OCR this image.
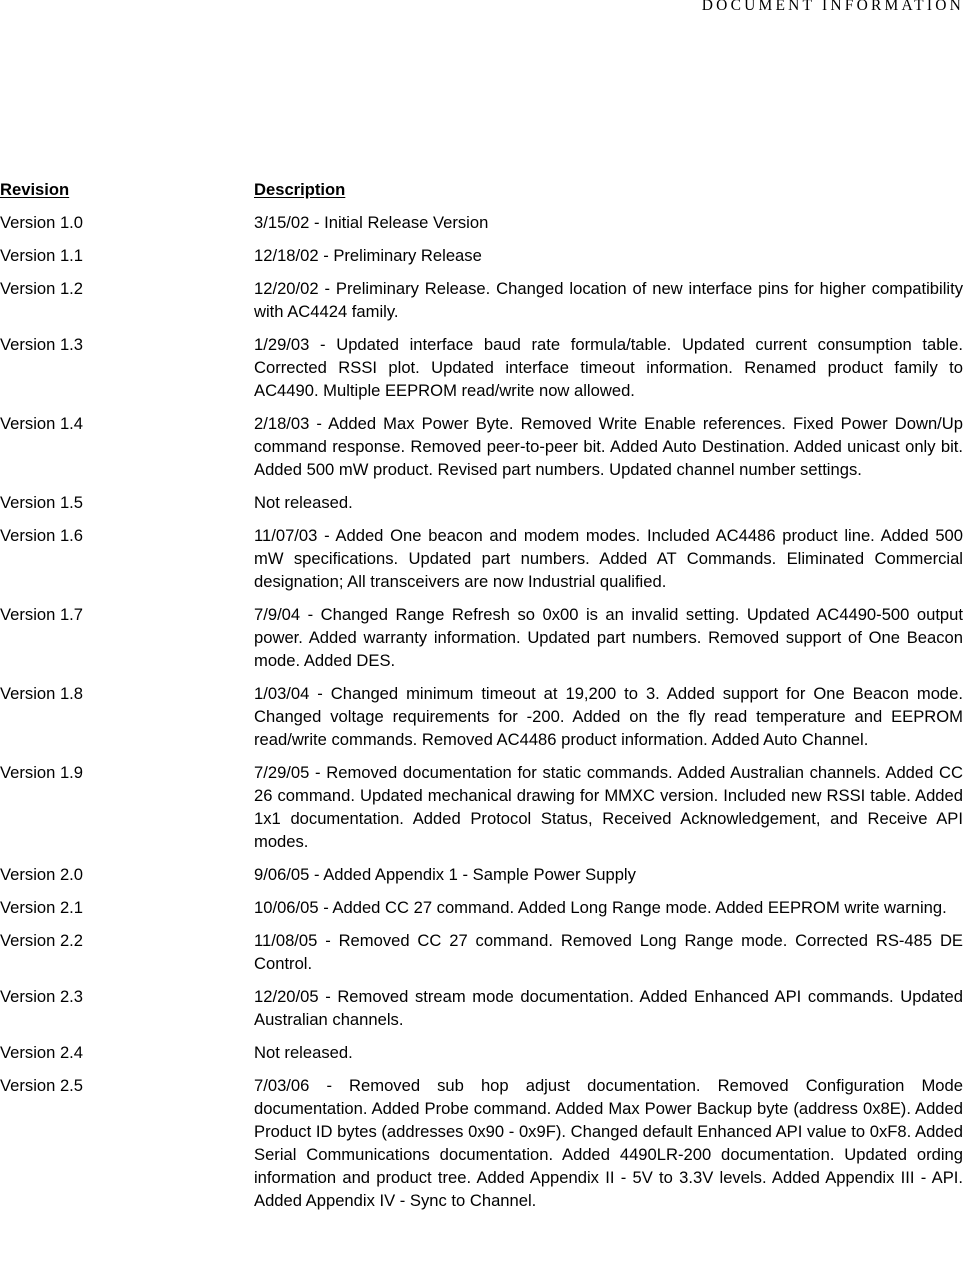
DOCUMENT INFORMATION
Revision	Description
Version 1.0	3/15/02 - Initial Release Version
Version 1.1	12/18/02 - Preliminary Release
Version 1.2	12/20/02 - Preliminary Release. Changed location of new interface pins for higher compatibility with AC4424 family.
Version 1.3	1/29/03 - Updated interface baud rate formula/table. Updated current consumption table. Corrected RSSI plot. Updated interface timeout information. Renamed product family to AC4490. Multiple EEPROM read/write now allowed.
Version 1.4	2/18/03 - Added Max Power Byte. Removed Write Enable references. Fixed Power Down/Up command response. Removed peer-to-peer bit. Added Auto Destination. Added unicast only bit. Added 500 mW product. Revised part numbers. Updated channel number settings.
Version 1.5	Not released.
Version 1.6	11/07/03 - Added One beacon and modem modes. Included AC4486 product line. Added 500 mW specifications. Updated part numbers. Added AT Commands. Eliminated Commercial designation; All transceivers are now Industrial qualified.
Version 1.7	7/9/04 - Changed Range Refresh so 0x00 is an invalid setting. Updated AC4490-500 output power. Added warranty information. Updated part numbers. Removed support of One Beacon mode. Added DES.
Version 1.8	1/03/04 - Changed minimum timeout at 19,200 to 3. Added support for One Beacon mode. Changed voltage requirements for -200. Added on the fly read temperature and EEPROM read/write commands. Removed AC4486 product information. Added Auto Channel.
Version 1.9	7/29/05 - Removed documentation for static commands. Added Australian channels. Added CC 26 command. Updated mechanical drawing for MMXC version. Included new RSSI table. Added 1x1 documentation. Added Protocol Status, Received Acknowledgement, and Receive API modes.
Version 2.0	9/06/05 - Added Appendix 1 - Sample Power Supply
Version 2.1	10/06/05 - Added CC 27 command. Added Long Range mode. Added EEPROM write warning.
Version 2.2	11/08/05 - Removed CC 27 command. Removed Long Range mode. Corrected RS-485 DE Control.
Version 2.3	12/20/05 - Removed stream mode documentation. Added Enhanced API commands. Updated Australian channels.
Version 2.4	Not released.
Version 2.5	7/03/06 - Removed sub hop adjust documentation. Removed Configuration Mode documentation. Added Probe command. Added Max Power Backup byte (address 0x8E). Added Product ID bytes (addresses 0x90 - 0x9F). Changed default Enhanced API value to 0xF8. Added Serial Communications documentation. Added 4490LR-200 documentation. Updated ording information and product tree. Added Appendix II - 5V to 3.3V levels. Added Appendix III - API. Added Appendix IV - Sync to Channel.
